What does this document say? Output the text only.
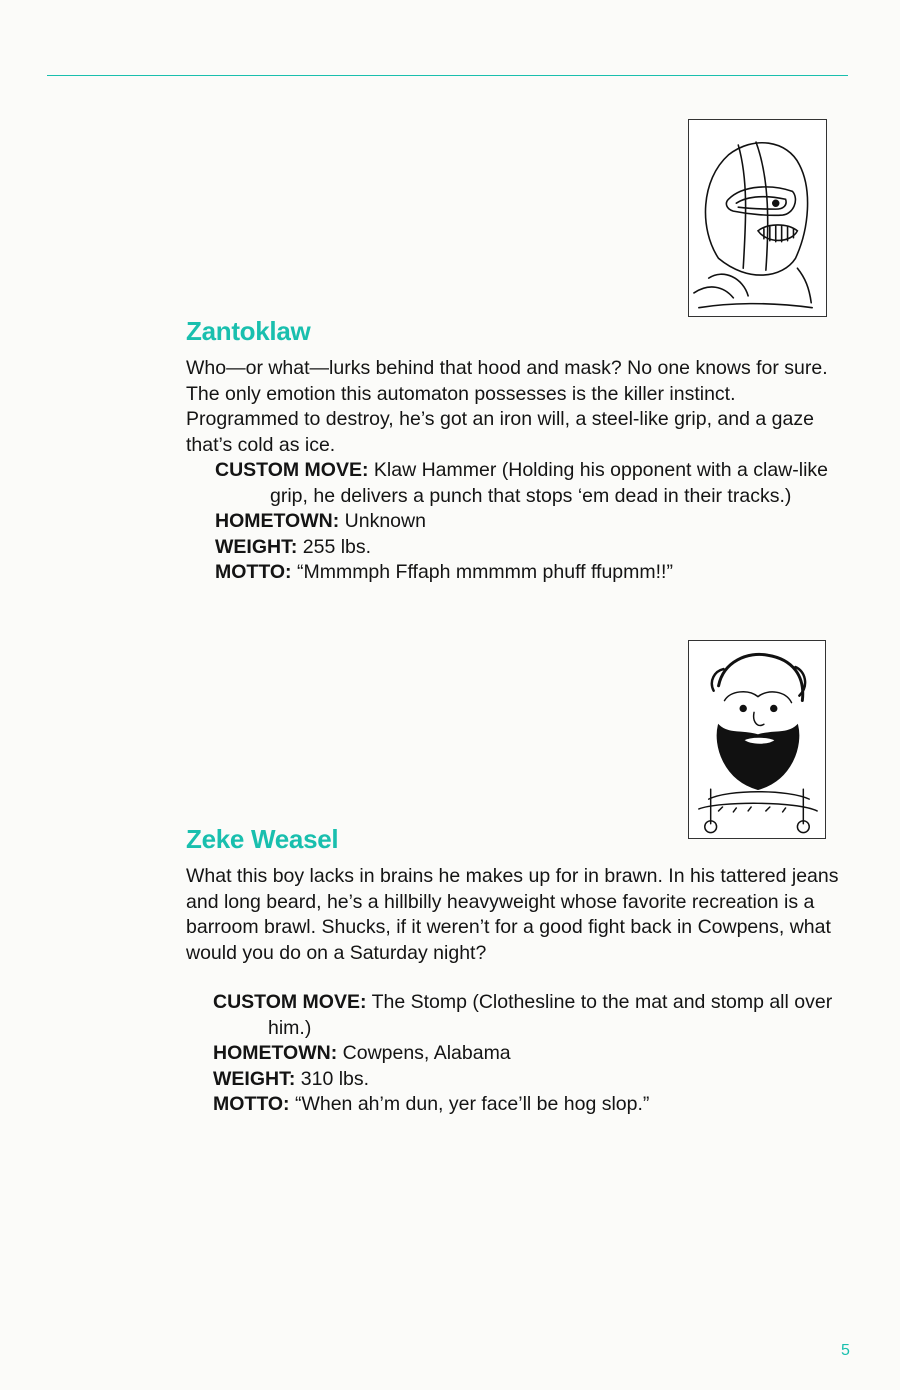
Zantoklaw

Who—or what—lurks behind that hood and mask? No one knows for sure. The only emotion this automaton possesses is the killer instinct. Programmed to destroy, he’s got an iron will, a steel-like grip, and a gaze that’s cold as ice.

CUSTOM MOVE: Klaw Hammer (Holding his opponent with a claw-like grip, he delivers a punch that stops ‘em dead in their tracks.)
HOMETOWN: Unknown
WEIGHT: 255 lbs.
MOTTO: “Mmmmph Fffaph mmmmm phuff ffupmm!!”
Zeke Weasel

What this boy lacks in brains he makes up for in brawn. In his tattered jeans and long beard, he’s a hillbilly heavyweight whose favorite recreation is a barroom brawl. Shucks, if it weren’t for a good fight back in Cowpens, what would you do on a Saturday night?

CUSTOM MOVE: The Stomp (Clothesline to the mat and stomp all over him.)
HOMETOWN: Cowpens, Alabama
WEIGHT: 310 lbs.
MOTTO: “When ah’m dun, yer face’ll be hog slop.”
5
